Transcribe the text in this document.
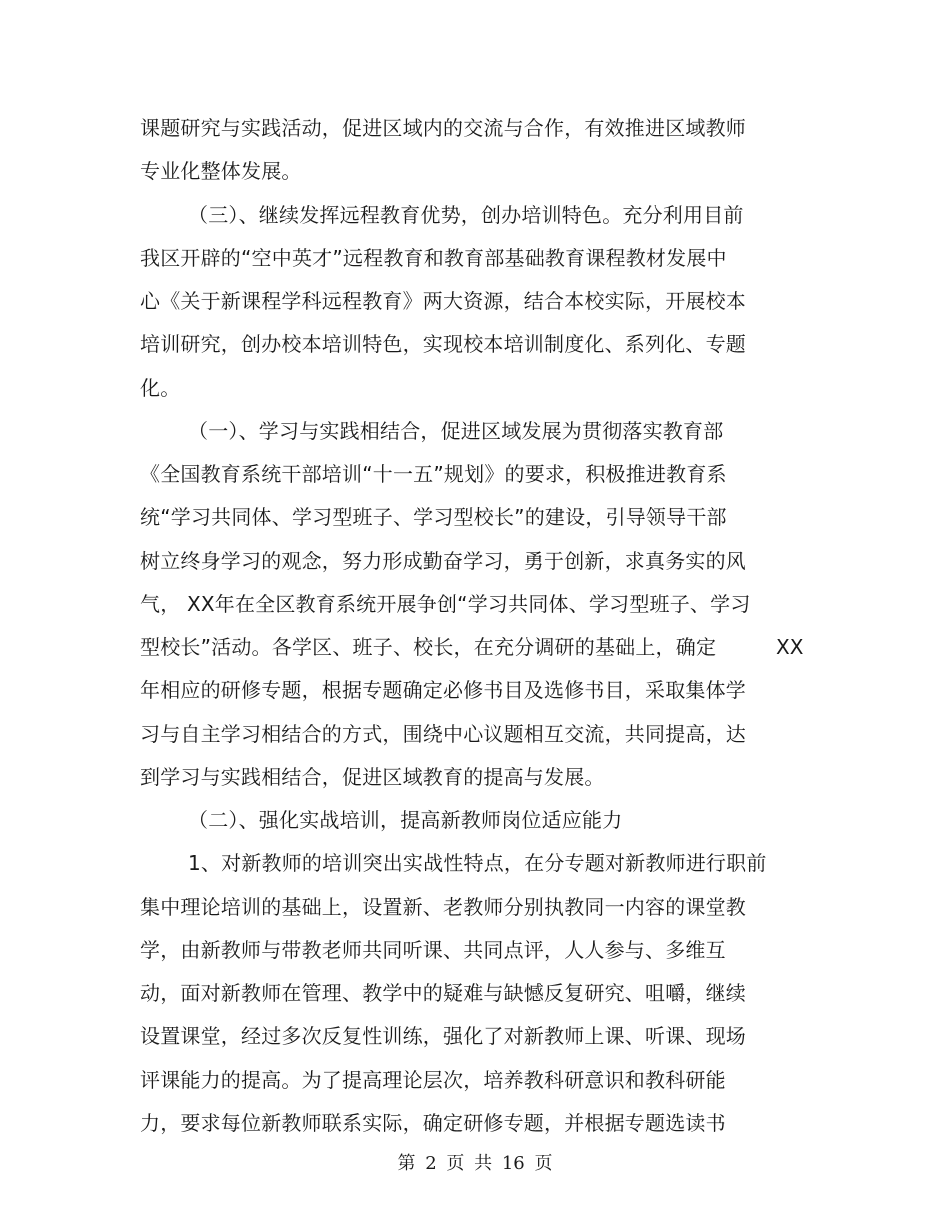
课题研究与实践活动，促进区域内的交流与合作，有效推进区域教师
专业化整体发展。
（三）、继续发挥远程教育优势，创办培训特色。充分利用目前
我区开辟的“空中英才”远程教育和教育部基础教育课程教材发展中
心《关于新课程学科远程教育》两大资源，结合本校实际，开展校本
培训研究，创办校本培训特色，实现校本培训制度化、系列化、专题
化。
（一）、学习与实践相结合，促进区域发展为贯彻落实教育部
《全国教育系统干部培训“十一五”规划》的要求，积极推进教育系
统“学习共同体、学习型班子、学习型校长”的建设，引导领导干部
树立终身学习的观念，努力形成勤奋学习，勇于创新，求真务实的风
气， XX年在全区教育系统开展争创“学习共同体、学习型班子、学习
型校长”活动。各学区、班子、校长，在充分调研的基础上，确定	XX
年相应的研修专题，根据专题确定必修书目及选修书目，采取集体学
习与自主学习相结合的方式，围绕中心议题相互交流，共同提高，达
到学习与实践相结合，促进区域教育的提高与发展。
（二）、强化实战培训，提高新教师岗位适应能力
1、对新教师的培训突出实战性特点，在分专题对新教师进行职前
集中理论培训的基础上，设置新、老教师分别执教同一内容的课堂教
学，由新教师与带教老师共同听课、共同点评，人人参与、多维互
动，面对新教师在管理、教学中的疑难与缺憾反复研究、咀嚼，继续
设置课堂，经过多次反复性训练，强化了对新教师上课、听课、现场
评课能力的提高。为了提高理论层次，培养教科研意识和教科研能
力，要求每位新教师联系实际，确定研修专题，并根据专题选读书
第 2 页 共 16 页
